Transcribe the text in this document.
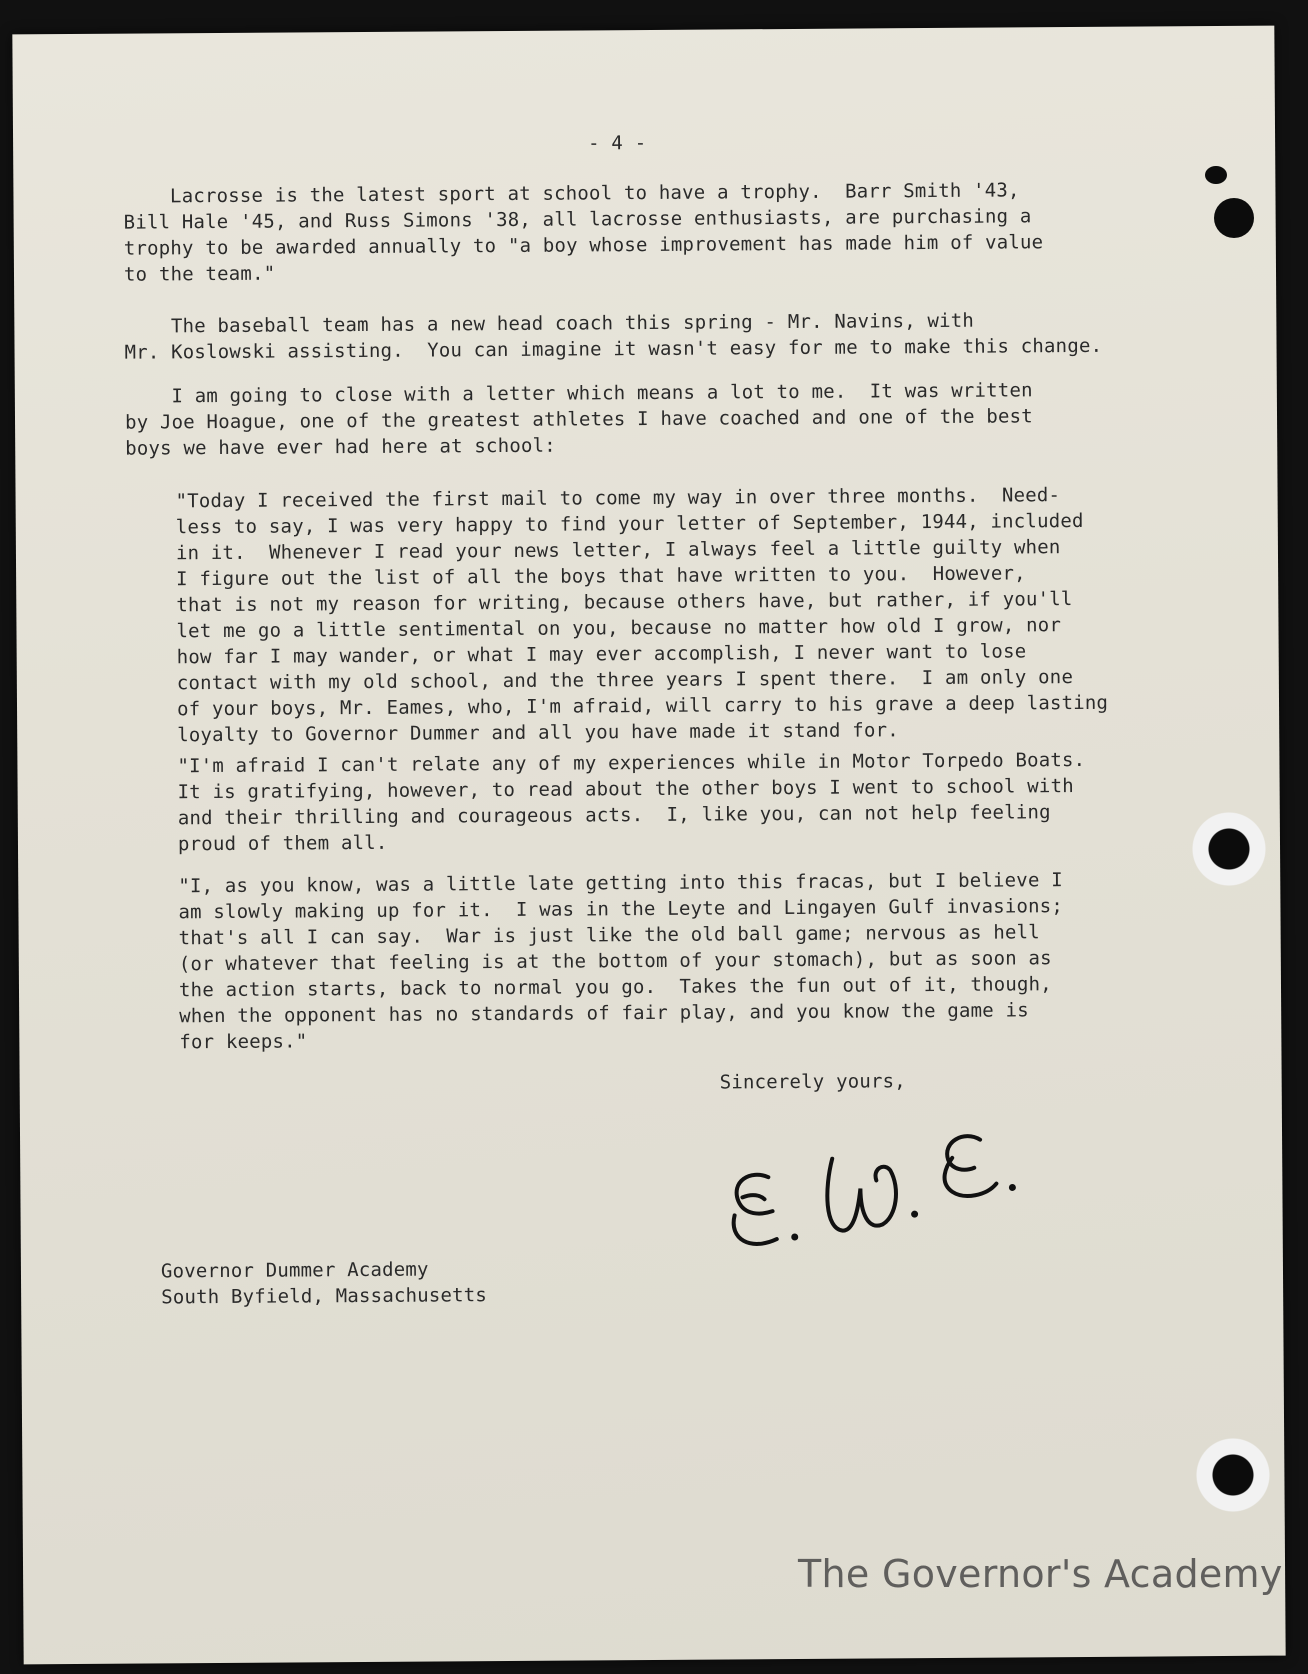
- 4 -
Lacrosse is the latest sport at school to have a trophy.  Barr Smith '43,
Bill Hale '45, and Russ Simons '38, all lacrosse enthusiasts, are purchasing a
trophy to be awarded annually to "a boy whose improvement has made him of value
to the team."
The baseball team has a new head coach this spring - Mr. Navins, with
Mr. Koslowski assisting.  You can imagine it wasn't easy for me to make this change.
I am going to close with a letter which means a lot to me.  It was written
by Joe Hoague, one of the greatest athletes I have coached and one of the best
boys we have ever had here at school:
"Today I received the first mail to come my way in over three months.  Need-
less to say, I was very happy to find your letter of September, 1944, included
in it.  Whenever I read your news letter, I always feel a little guilty when
I figure out the list of all the boys that have written to you.  However,
that is not my reason for writing, because others have, but rather, if you'll
let me go a little sentimental on you, because no matter how old I grow, nor
how far I may wander, or what I may ever accomplish, I never want to lose
contact with my old school, and the three years I spent there.  I am only one
of your boys, Mr. Eames, who, I'm afraid, will carry to his grave a deep lasting
loyalty to Governor Dummer and all you have made it stand for.
"I'm afraid I can't relate any of my experiences while in Motor Torpedo Boats.
It is gratifying, however, to read about the other boys I went to school with
and their thrilling and courageous acts.  I, like you, can not help feeling
proud of them all.
"I, as you know, was a little late getting into this fracas, but I believe I
am slowly making up for it.  I was in the Leyte and Lingayen Gulf invasions;
that's all I can say.  War is just like the old ball game; nervous as hell
(or whatever that feeling is at the bottom of your stomach), but as soon as
the action starts, back to normal you go.  Takes the fun out of it, though,
when the opponent has no standards of fair play, and you know the game is
for keeps."
Sincerely yours,
Governor Dummer Academy
South Byfield, Massachusetts
The Governor's Academy
